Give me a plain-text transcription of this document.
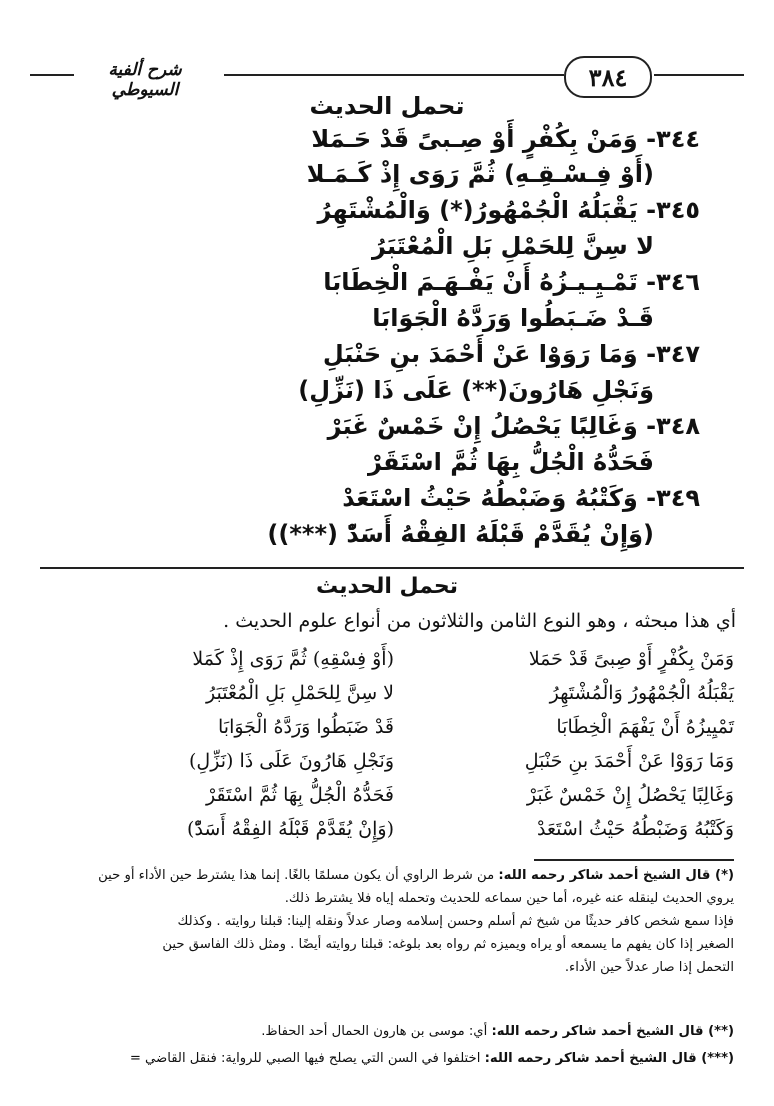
٣٨٤
شرح ألفية السيوطي
تحمل الحديث
٣٤٤- وَمَنْ بِكُفْرٍ أَوْ صِـبىً قَدْ حَـمَلا
(أَوْ فِـسْـقِـهِ) ثُمَّ رَوَى إِذْ كَـمَـلا
٣٤٥- يَقْبَلُهُ الْجُمْهُورُ(*) وَالْمُشْتَهِرُ
لا سِنَّ لِلحَمْلِ بَلِ الْمُعْتَبَرُ
٣٤٦- تَمْـيِـيـزُهُ أَنْ يَفْـهَـمَ الْخِطَابَا
قَـدْ ضَـبَطُوا وَرَدَّهُ الْجَوَابَا
٣٤٧- وَمَا رَوَوْا عَنْ أَحْمَدَ بنِ حَنْبَلِ
وَنَجْلِ هَارُونَ(**) عَلَى ذَا (نَزِّلِ)
٣٤٨- وَغَالِبًا يَحْصُلُ إِنْ خَمْسٌ غَبَرْ
فَحَدُّهُ الْجُلُّ بِهَا ثُمَّ اسْتَقَرْ
٣٤٩- وَكَتْبُهُ وَضَبْطُهُ حَيْثُ اسْتَعَدْ
(وَإِنْ يُقَدَّمْ قَبْلَهُ الفِقْهُ أَسَدّْ (***))
تحمل الحديث
أي هذا مبحثه ، وهو النوع الثامن والثلاثون من أنواع علوم الحديث .
وَمَنْ بِكُفْرٍ أَوْ صِبىً قَدْ حَمَلا
(أَوْ فِسْقِهِ) ثُمَّ رَوَى إِذْ كَمَلا
يَقْبَلُهُ الْجُمْهُورُ وَالْمُشْتَهِرُ
لا سِنَّ لِلحَمْلِ بَلِ الْمُعْتَبَرُ
تَمْيِيزُهُ أَنْ يَفْهَمَ الْخِطَابَا
قَدْ ضَبَطُوا وَرَدَّهُ الْجَوَابَا
وَمَا رَوَوْا عَنْ أَحْمَدَ بنِ حَنْبَلِ
وَنَجْلِ هَارُونَ عَلَى ذَا (نَزِّلِ)
وَغَالِبًا يَحْصُلُ إِنْ خَمْسٌ غَبَرْ
فَحَدُّهُ الْجُلُّ بِهَا ثُمَّ اسْتَقَرْ
وَكَتْبُهُ وَضَبْطُهُ حَيْثُ اسْتَعَدْ
(وَإِنْ يُقَدَّمْ قَبْلَهُ الفِقْهُ أَسَدّْ)
(*) قال الشيخ أحمد شاكر رحمه الله: من شرط الراوي أن يكون مسلمًا بالغًا. إنما هذا يشترط حين الأداء أو حين
يروي الحديث لينقله عنه غيره، أما حين سماعه للحديث وتحمله إياه فلا يشترط ذلك.
فإذا سمع شخص كافر حديثًا من شيخ ثم أسلم وحسن إسلامه وصار عدلاً ونقله إلينا: قبلنا روايته . وكذلك
الصغير إذا كان يفهم ما يسمعه أو يراه ويميزه ثم رواه بعد بلوغه: قبلنا روايته أيضًا . ومثل ذلك الفاسق حين
التحمل إذا صار عدلاً حين الأداء.
(**) قال الشيخ أحمد شاكر رحمه الله: أي: موسى بن هارون الحمال أحد الحفاظ.
(***) قال الشيخ أحمد شاكر رحمه الله: اختلفوا في السن التي يصلح فيها الصبي للرواية: فنقل القاضي =
